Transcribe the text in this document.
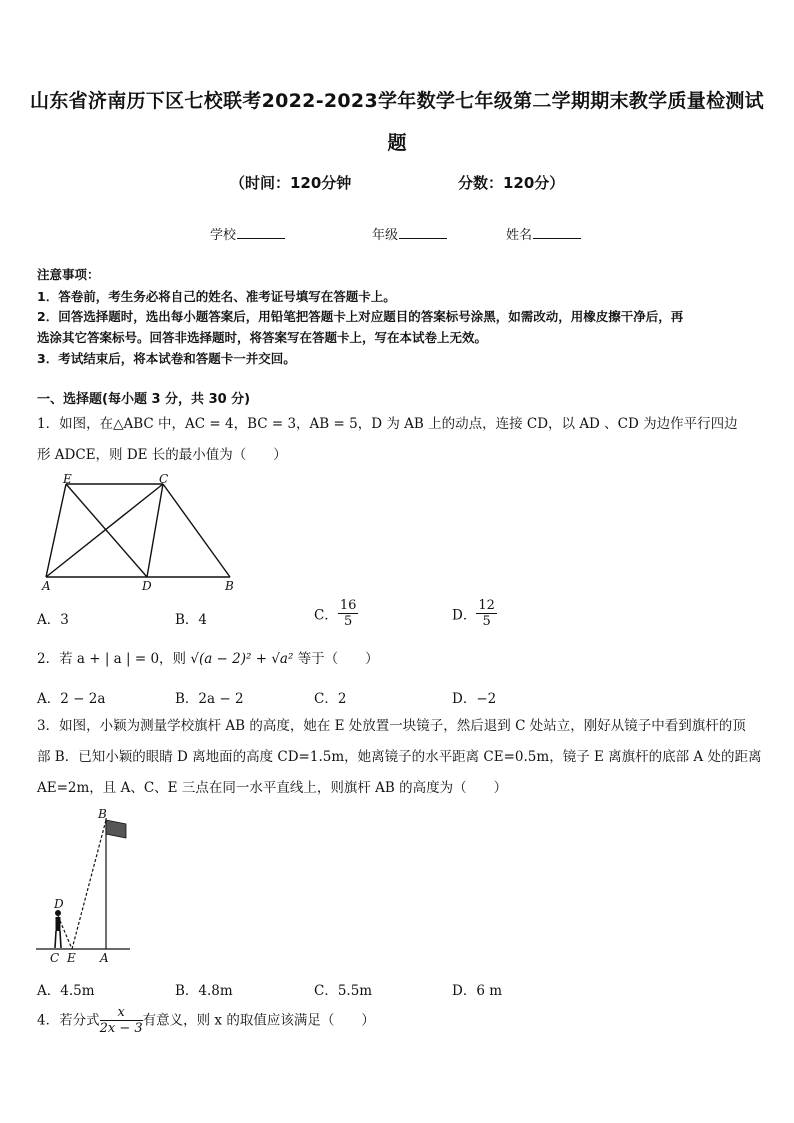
山东省济南历下区七校联考2022-2023学年数学七年级第二学期期末教学质量检测试
题
（时间：120分钟	分数：120分）
学校	年级	姓名
注意事项：
1．答卷前，考生务必将自己的姓名、准考证号填写在答题卡上。
2．回答选择题时，选出每小题答案后，用铅笔把答题卡上对应题目的答案标号涂黑，如需改动，用橡皮擦干净后，再
选涂其它答案标号。回答非选择题时，将答案写在答题卡上，写在本试卷上无效。
3．考试结束后，将本试卷和答题卡一并交回。
一、选择题(每小题 3 分，共 30 分)
1．如图，在△ABC 中，AC = 4，BC = 3，AB = 5，D 为 AB 上的动点，连接 CD，以 AD 、CD 为边作平行四边
形 ADCE，则 DE 长的最小值为（　　）
E	C
A	D	B
A．3	B．4	C． $\frac{16}{5}$	D． $\frac{12}{5}$
2．若 a + | a | = 0，则 √(a − 2)² + √a² 等于（　　）
A．2 − 2a	B．2a − 2	C．2	D．−2
3．如图，小颖为测量学校旗杆 AB 的高度，她在 E 处放置一块镜子，然后退到 C 处站立，刚好从镜子中看到旗杆的顶
部 B．已知小颖的眼睛 D 离地面的高度 CD=1.5m，她离镜子的水平距离 CE=0.5m，镜子 E 离旗杆的底部 A 处的距离
AE=2m，且 A、C、E 三点在同一水平直线上，则旗杆 AB 的高度为（　　）
B
D
C E A
A．4.5m	B．4.8m	C．5.5m	D．6 m
4．若分式 $\frac{x}{2x - 3}$ 有意义，则 x 的取值应该满足（　　）
